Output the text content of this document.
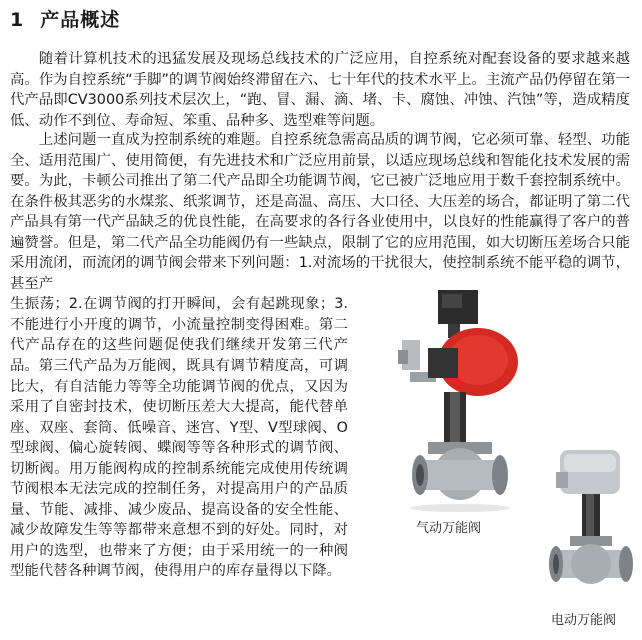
1 产品概述

随着计算机技术的迅猛发展及现场总线技术的广泛应用，自控系统对配套设备的要求越来越高。作为自控系统“手脚”的调节阀始终滞留在六、七十年代的技术水平上。主流产品仍停留在第一代产品即CV3000系列技术层次上，“跑、冒、漏、滴、堵、卡、腐蚀、冲蚀、汽蚀”等，造成精度低、动作不到位、寿命短、笨重、品种多、选型难等问题。

上述问题一直成为控制系统的难题。自控系统急需高品质的调节阀，它必须可靠、轻型、功能全、适用范围广、使用简便，有先进技术和广泛应用前景，以适应现场总线和智能化技术发展的需要。为此，卡顿公司推出了第二代产品即全功能调节阀，它已被广泛地应用于数千套控制系统中。在条件极其恶劣的水煤浆、纸浆调节，还是高温、高压、大口径、大压差的场合，都证明了第二代产品具有第一代产品缺乏的优良性能，在高要求的各行各业使用中，以良好的性能赢得了客户的普遍赞誉。但是，第二代产品全功能阀仍有一些缺点，限制了它的应用范围，如大切断压差场合只能采用流闭，而流闭的调节阀会带来下列问题：1.对流场的干扰很大，使控制系统不能平稳的调节，甚至产

生振荡；2.在调节阀的打开瞬间，会有起跳现象；3.不能进行小开度的调节，小流量控制变得困难。第二代产品存在的这些问题促使我们继续开发第三代产品。 第三代产品为万能阀，既具有调节精度高，可调比大，有自洁能力等等全功能调节阀的优点，又因为采用了自密封技术，使切断压差大大提高，能代替单座、双座、套筒、低噪音、迷宫、Y型、V型球阀、O型球阀、偏心旋转阀、蝶阀等等各种形式的调节阀、切断阀。用万能阀构成的控制系统能完成使用传统调节阀根本无法完成的控制任务，对提高用户的产品质量、节能、减排、减少废品、提高设备的安全性能、减少故障发生等等都带来意想不到的好处。同时，对用户的选型，也带来了方便；由于采用统一的一种阀型能代替各种调节阀，使得用户的库存量得以下降。

气动万能阀
电动万能阀
